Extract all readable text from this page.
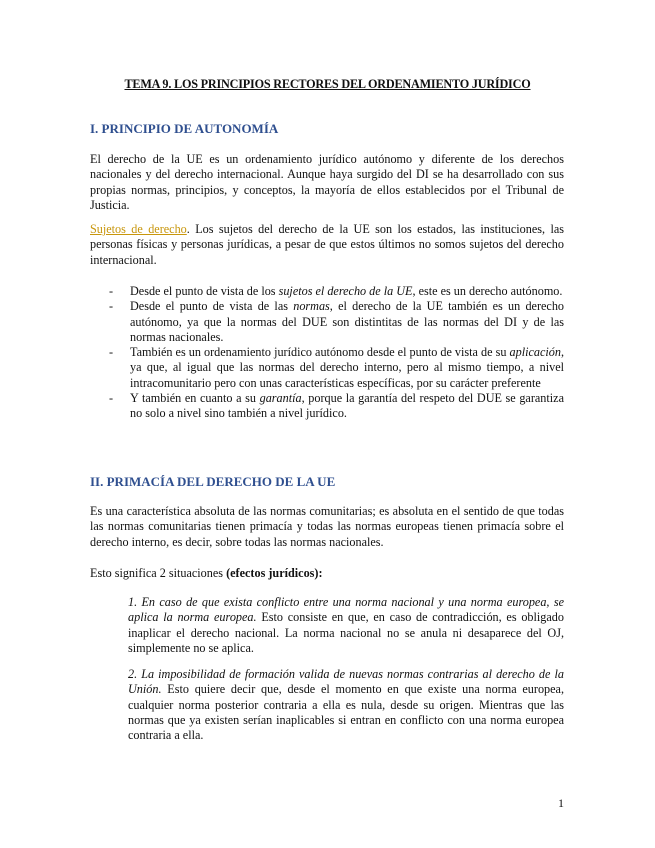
TEMA 9. LOS PRINCIPIOS RECTORES DEL ORDENAMIENTO JURÍDICO
I. PRINCIPIO DE AUTONOMÍA

El derecho de la UE es un ordenamiento jurídico autónomo y diferente de los derechos nacionales y del derecho internacional. Aunque haya surgido del DI se ha desarrollado con sus propias normas, principios, y conceptos, la mayoría de ellos establecidos por el Tribunal de Justicia.

Sujetos de derecho. Los sujetos del derecho de la UE son los estados, las instituciones, las personas físicas y personas jurídicas, a pesar de que estos últimos no somos sujetos del derecho internacional.

- Desde el punto de vista de los sujetos el derecho de la UE, este es un derecho autónomo.
- Desde el punto de vista de las normas, el derecho de la UE también es un derecho autónomo, ya que la normas del DUE son distintitas de las normas del DI y de las normas nacionales.
- También es un ordenamiento jurídico autónomo desde el punto de vista de su aplicación, ya que, al igual que las normas del derecho interno, pero al mismo tiempo, a nivel intracomunitario pero con unas características específicas, por su carácter preferente
- Y también en cuanto a su garantía, porque la garantía del respeto del DUE se garantiza no solo a nivel sino también a nivel jurídico.
II. PRIMACÍA DEL DERECHO DE LA UE

Es una característica absoluta de las normas comunitarias; es absoluta en el sentido de que todas las normas comunitarias tienen primacía y todas las normas europeas tienen primacía sobre el derecho interno, es decir, sobre todas las normas nacionales.

Esto significa 2 situaciones (efectos jurídicos):

1. En caso de que exista conflicto entre una norma nacional y una norma europea, se aplica la norma europea. Esto consiste en que, en caso de contradicción, es obligado inaplicar el derecho nacional. La norma nacional no se anula ni desaparece del OJ, simplemente no se aplica.

2. La imposibilidad de formación valida de nuevas normas contrarias al derecho de la Unión. Esto quiere decir que, desde el momento en que existe una norma europea, cualquier norma posterior contraria a ella es nula, desde su origen. Mientras que las normas que ya existen serían inaplicables si entran en conflicto con una norma europea contraria a ella.

1
